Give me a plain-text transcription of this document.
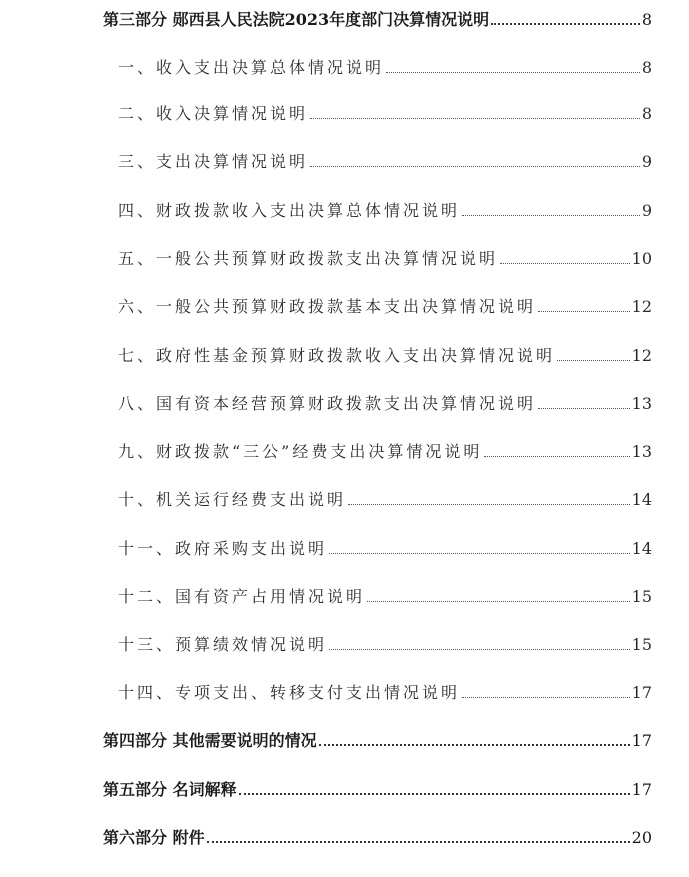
第三部分 郧西县人民法院2023年度部门决算情况说明	8
一、收入支出决算总体情况说明	8
二、收入决算情况说明	8
三、支出决算情况说明	9
四、财政拨款收入支出决算总体情况说明	9
五、一般公共预算财政拨款支出决算情况说明	10
六、一般公共预算财政拨款基本支出决算情况说明	12
七、政府性基金预算财政拨款收入支出决算情况说明	12
八、国有资本经营预算财政拨款支出决算情况说明	13
九、财政拨款“三公”经费支出决算情况说明	13
十、机关运行经费支出说明	14
十一、政府采购支出说明	14
十二、国有资产占用情况说明	15
十三、预算绩效情况说明	15
十四、专项支出、转移支付支出情况说明	17
第四部分 其他需要说明的情况	17
第五部分 名词解释	17
第六部分 附件	20
